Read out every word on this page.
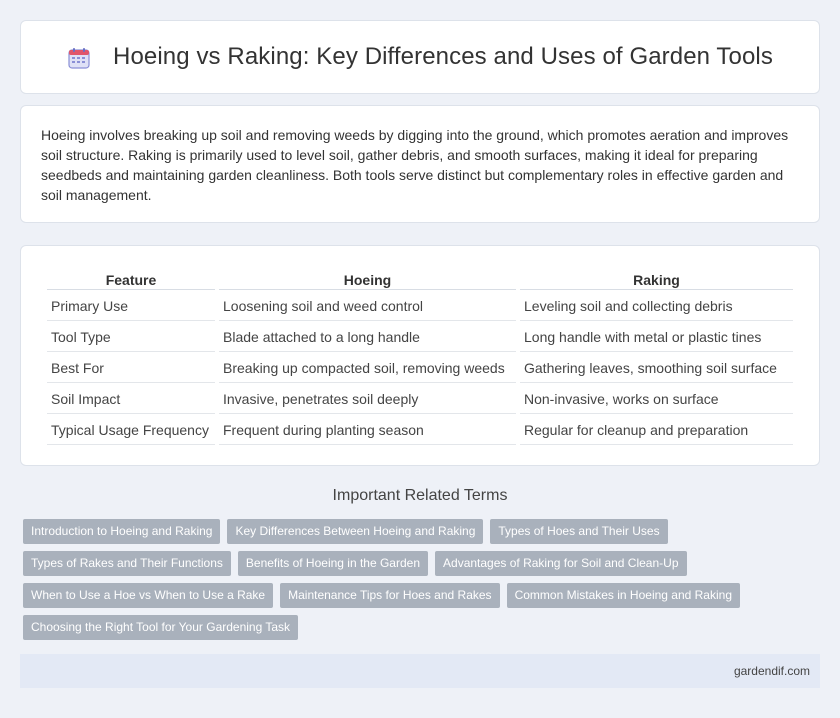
Hoeing vs Raking: Key Differences and Uses of Garden Tools

Hoeing involves breaking up soil and removing weeds by digging into the ground, which promotes aeration and improves soil structure. Raking is primarily used to level soil, gather debris, and smooth surfaces, making it ideal for preparing seedbeds and maintaining garden cleanliness. Both tools serve distinct but complementary roles in effective garden and soil management.

Feature	Hoeing	Raking
Primary Use	Loosening soil and weed control	Leveling soil and collecting debris
Tool Type	Blade attached to a long handle	Long handle with metal or plastic tines
Best For	Breaking up compacted soil, removing weeds	Gathering leaves, smoothing soil surface
Soil Impact	Invasive, penetrates soil deeply	Non-invasive, works on surface
Typical Usage Frequency	Frequent during planting season	Regular for cleanup and preparation
Important Related Terms
Introduction to Hoeing and Raking	Key Differences Between Hoeing and Raking	Types of Hoes and Their Uses
Types of Rakes and Their Functions	Benefits of Hoeing in the Garden	Advantages of Raking for Soil and Clean-Up
When to Use a Hoe vs When to Use a Rake	Maintenance Tips for Hoes and Rakes	Common Mistakes in Hoeing and Raking
Choosing the Right Tool for Your Gardening Task
gardendif.com
